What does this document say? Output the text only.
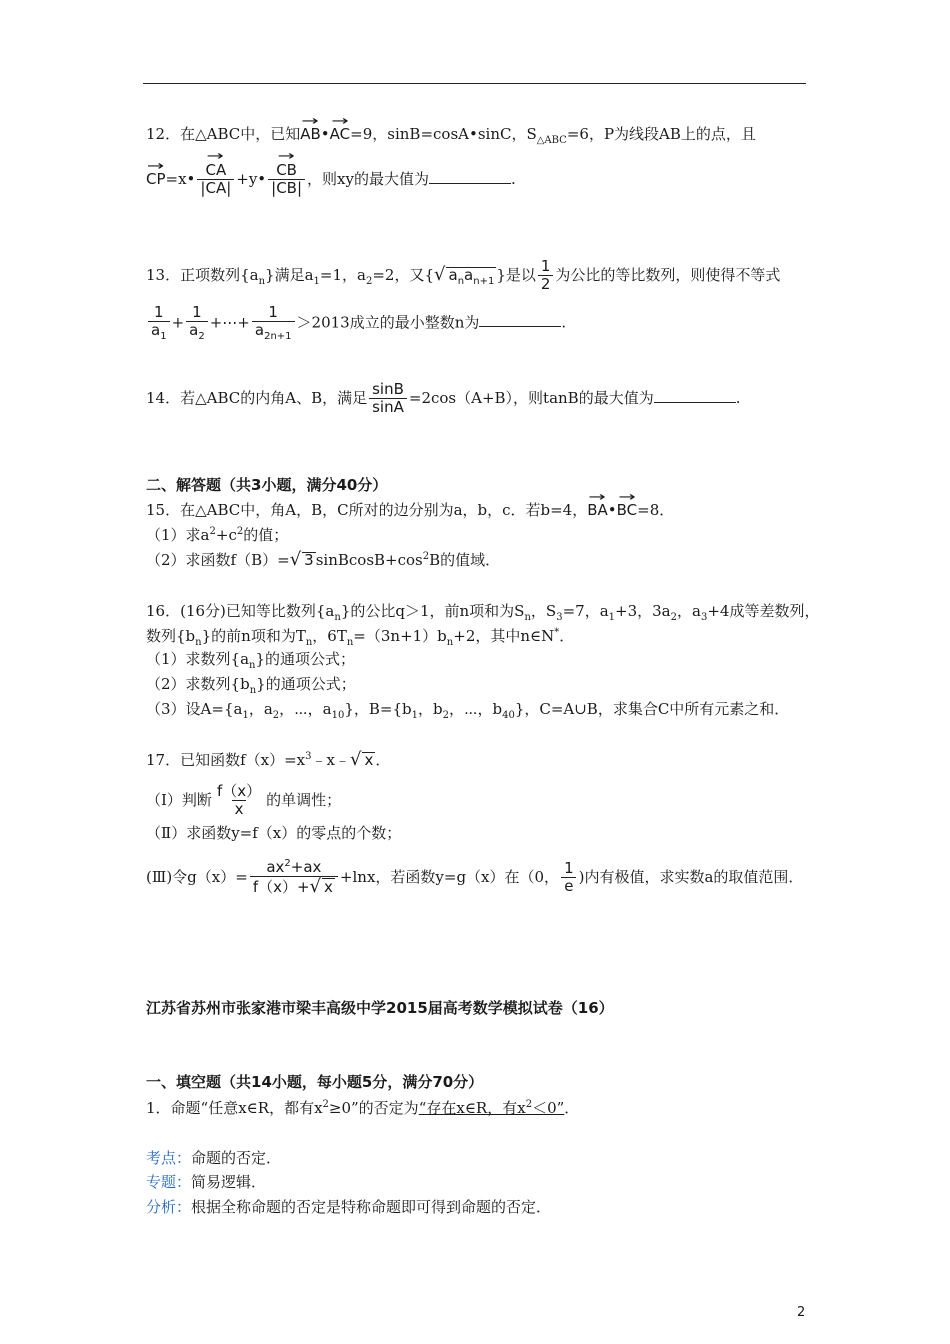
12．在△ABC中，已知→ AB•→ AC=9，sinB=cosA•sinC，$S_{\triangle ABC}=6$，P为线段AB上的点，且
→ CP=x• → $\frac{CA}{|CA|}$ +y• → $\frac{CB}{|CB|}$ ，则xy的最大值为	.
13．正项数列$\{a_n\}$满足$a_1=1$，$a_2=2$，又{√ $a_na_{n+1}$ }是以 $\frac{1}{2}$ 为公比的等比数列，则使得不等式
$\frac{1}{a_1} + \frac{1}{a_2}$ +⋯+ $\frac{1}{a_{2n+1}} >2013$成立的最小整数n为	.
14．若△ABC的内角A、B，满足 $\frac{\sin B}{\sin A} =2\cos(A+B)$，则tanB的最大值为	.
二、解答题（共3小题，满分40分）
15．在△ABC中，角A，B，C所对的边分别为a，b，c．若b=4，→ BA•→ BC=8．
（1）求$a^2+c^2$的值；
（2）求函数f（B）=√ 3 $sinBcosB+\cos^2B$的值域．
16．(16分)已知等比数列$\{a_n\}$的公比q＞1，前n项和为$S_n$，$S_3=7$，$a_1+3$，$3a_2$，$a_3+4$成等差数列，
数列$\{b_n\}$的前n项和为$T_n$，$6T_n=(3n+1)b_n+2$，其中n∈N*．
（1）求数列$\{a_n\}$的通项公式；
（2）求数列$\{b_n\}$的通项公式；
（3）设$A=\{a_1$，$a_2$，⋯，$a_{10}$}，$B=\{b_1$，$b_2$，⋯，$b_{40}$}，C=A∪B，求集合C中所有元素之和．
17．已知函数$f(x)=x^3﹣x﹣√$ x ．
（Ⅰ）判断 $\frac{f(x)}{x}$ 的单调性；
（Ⅱ）求函数y=f（x）的零点的个数；
(Ⅲ)令$g(x)= \frac{ax^2+ax}{f(x)+√ x} +\ln x$，若函数y=g（x）在（0， $\frac{1}{e}$ )内有极值，求实数a的取值范围．
江苏省苏州市张家港市梁丰高级中学2015届高考数学模拟试卷（16）
一、填空题（共14小题，每小题5分，满分70分）
1．命题“任意x∈R，都有$x^2\ge 0$”的否定为“存在x∈R，有$x^2<0$”．
考点：命题的否定．
专题：简易逻辑．
分析：根据全称命题的否定是特称命题即可得到命题的否定．
2
